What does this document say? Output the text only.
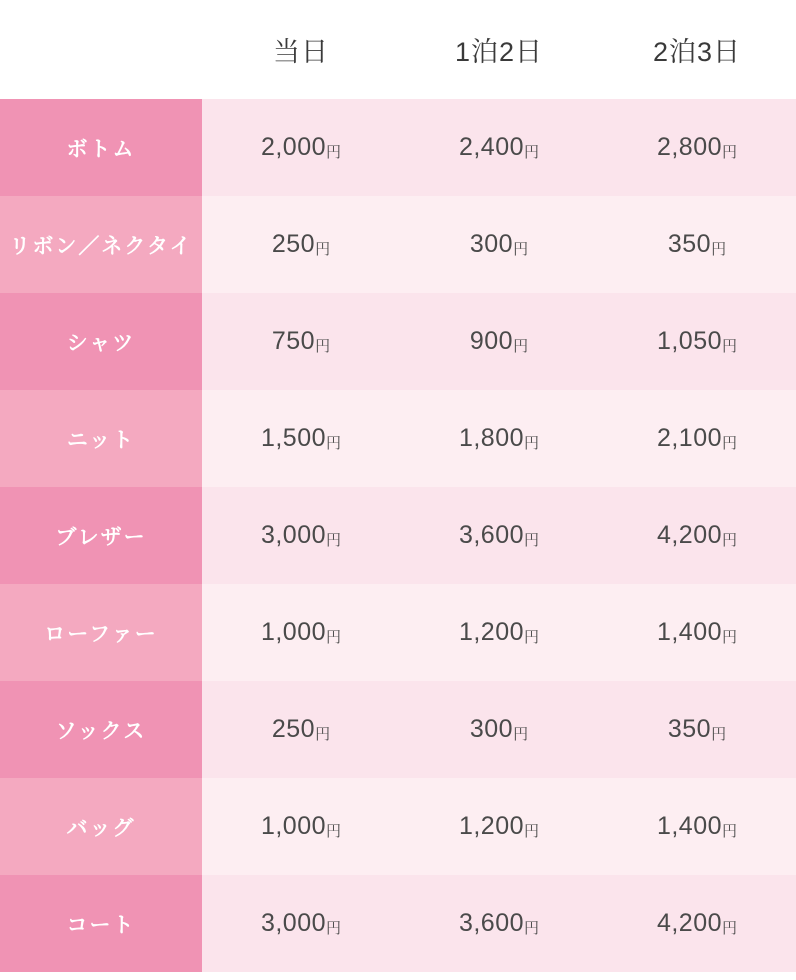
	当日	1泊2日	2泊3日
ボトム	2,000円	2,400円	2,800円
リボン／ネクタイ	250円	300円	350円
シャツ	750円	900円	1,050円
ニット	1,500円	1,800円	2,100円
ブレザー	3,000円	3,600円	4,200円
ローファー	1,000円	1,200円	1,400円
ソックス	250円	300円	350円
バッグ	1,000円	1,200円	1,400円
コート	3,000円	3,600円	4,200円
